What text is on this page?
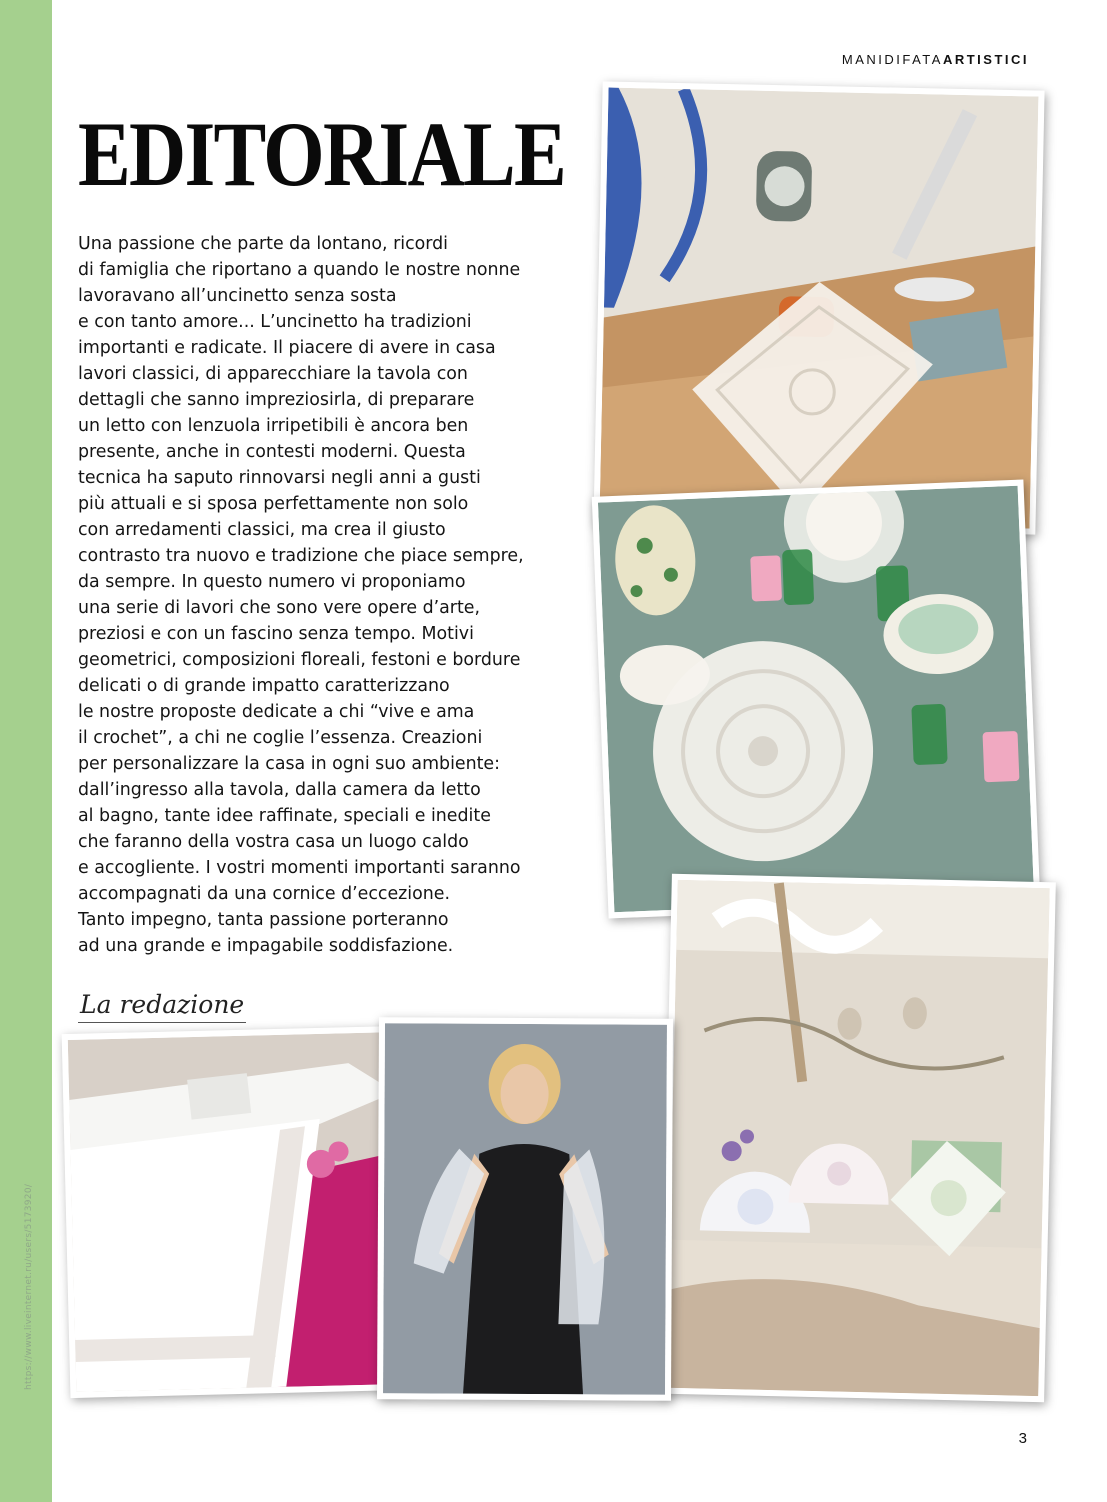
https://www.liveinternet.ru/users/5173920/
MANIDIFATAARTISTICI
EDITORIALE
Una passione che parte da lontano, ricordi
di famiglia che riportano a quando le nostre nonne
lavoravano all’uncinetto senza sosta
e con tanto amore... L’uncinetto ha tradizioni
importanti e radicate. Il piacere di avere in casa
lavori classici, di apparecchiare la tavola con
dettagli che sanno impreziosirla, di preparare
un letto con lenzuola irripetibili è ancora ben
presente, anche in contesti moderni. Questa
tecnica ha saputo rinnovarsi negli anni a gusti
più attuali e si sposa perfettamente non solo
con arredamenti classici, ma crea il giusto
contrasto tra nuovo e tradizione che piace sempre,
da sempre. In questo numero vi proponiamo
una serie di lavori che sono vere opere d’arte,
preziosi e con un fascino senza tempo. Motivi
geometrici, composizioni floreali, festoni e bordure
delicati o di grande impatto caratterizzano
le nostre proposte dedicate a chi “vive e ama
il crochet”, a chi ne coglie l’essenza. Creazioni
per personalizzare la casa in ogni suo ambiente:
dall’ingresso alla tavola, dalla camera da letto
al bagno, tante idee raffinate, speciali e inedite
che faranno della vostra casa un luogo caldo
e accogliente. I vostri momenti importanti saranno
accompagnati da una cornice d’eccezione.
Tanto impegno, tanta passione porteranno
ad una grande e impagabile soddisfazione.
La redazione
3
